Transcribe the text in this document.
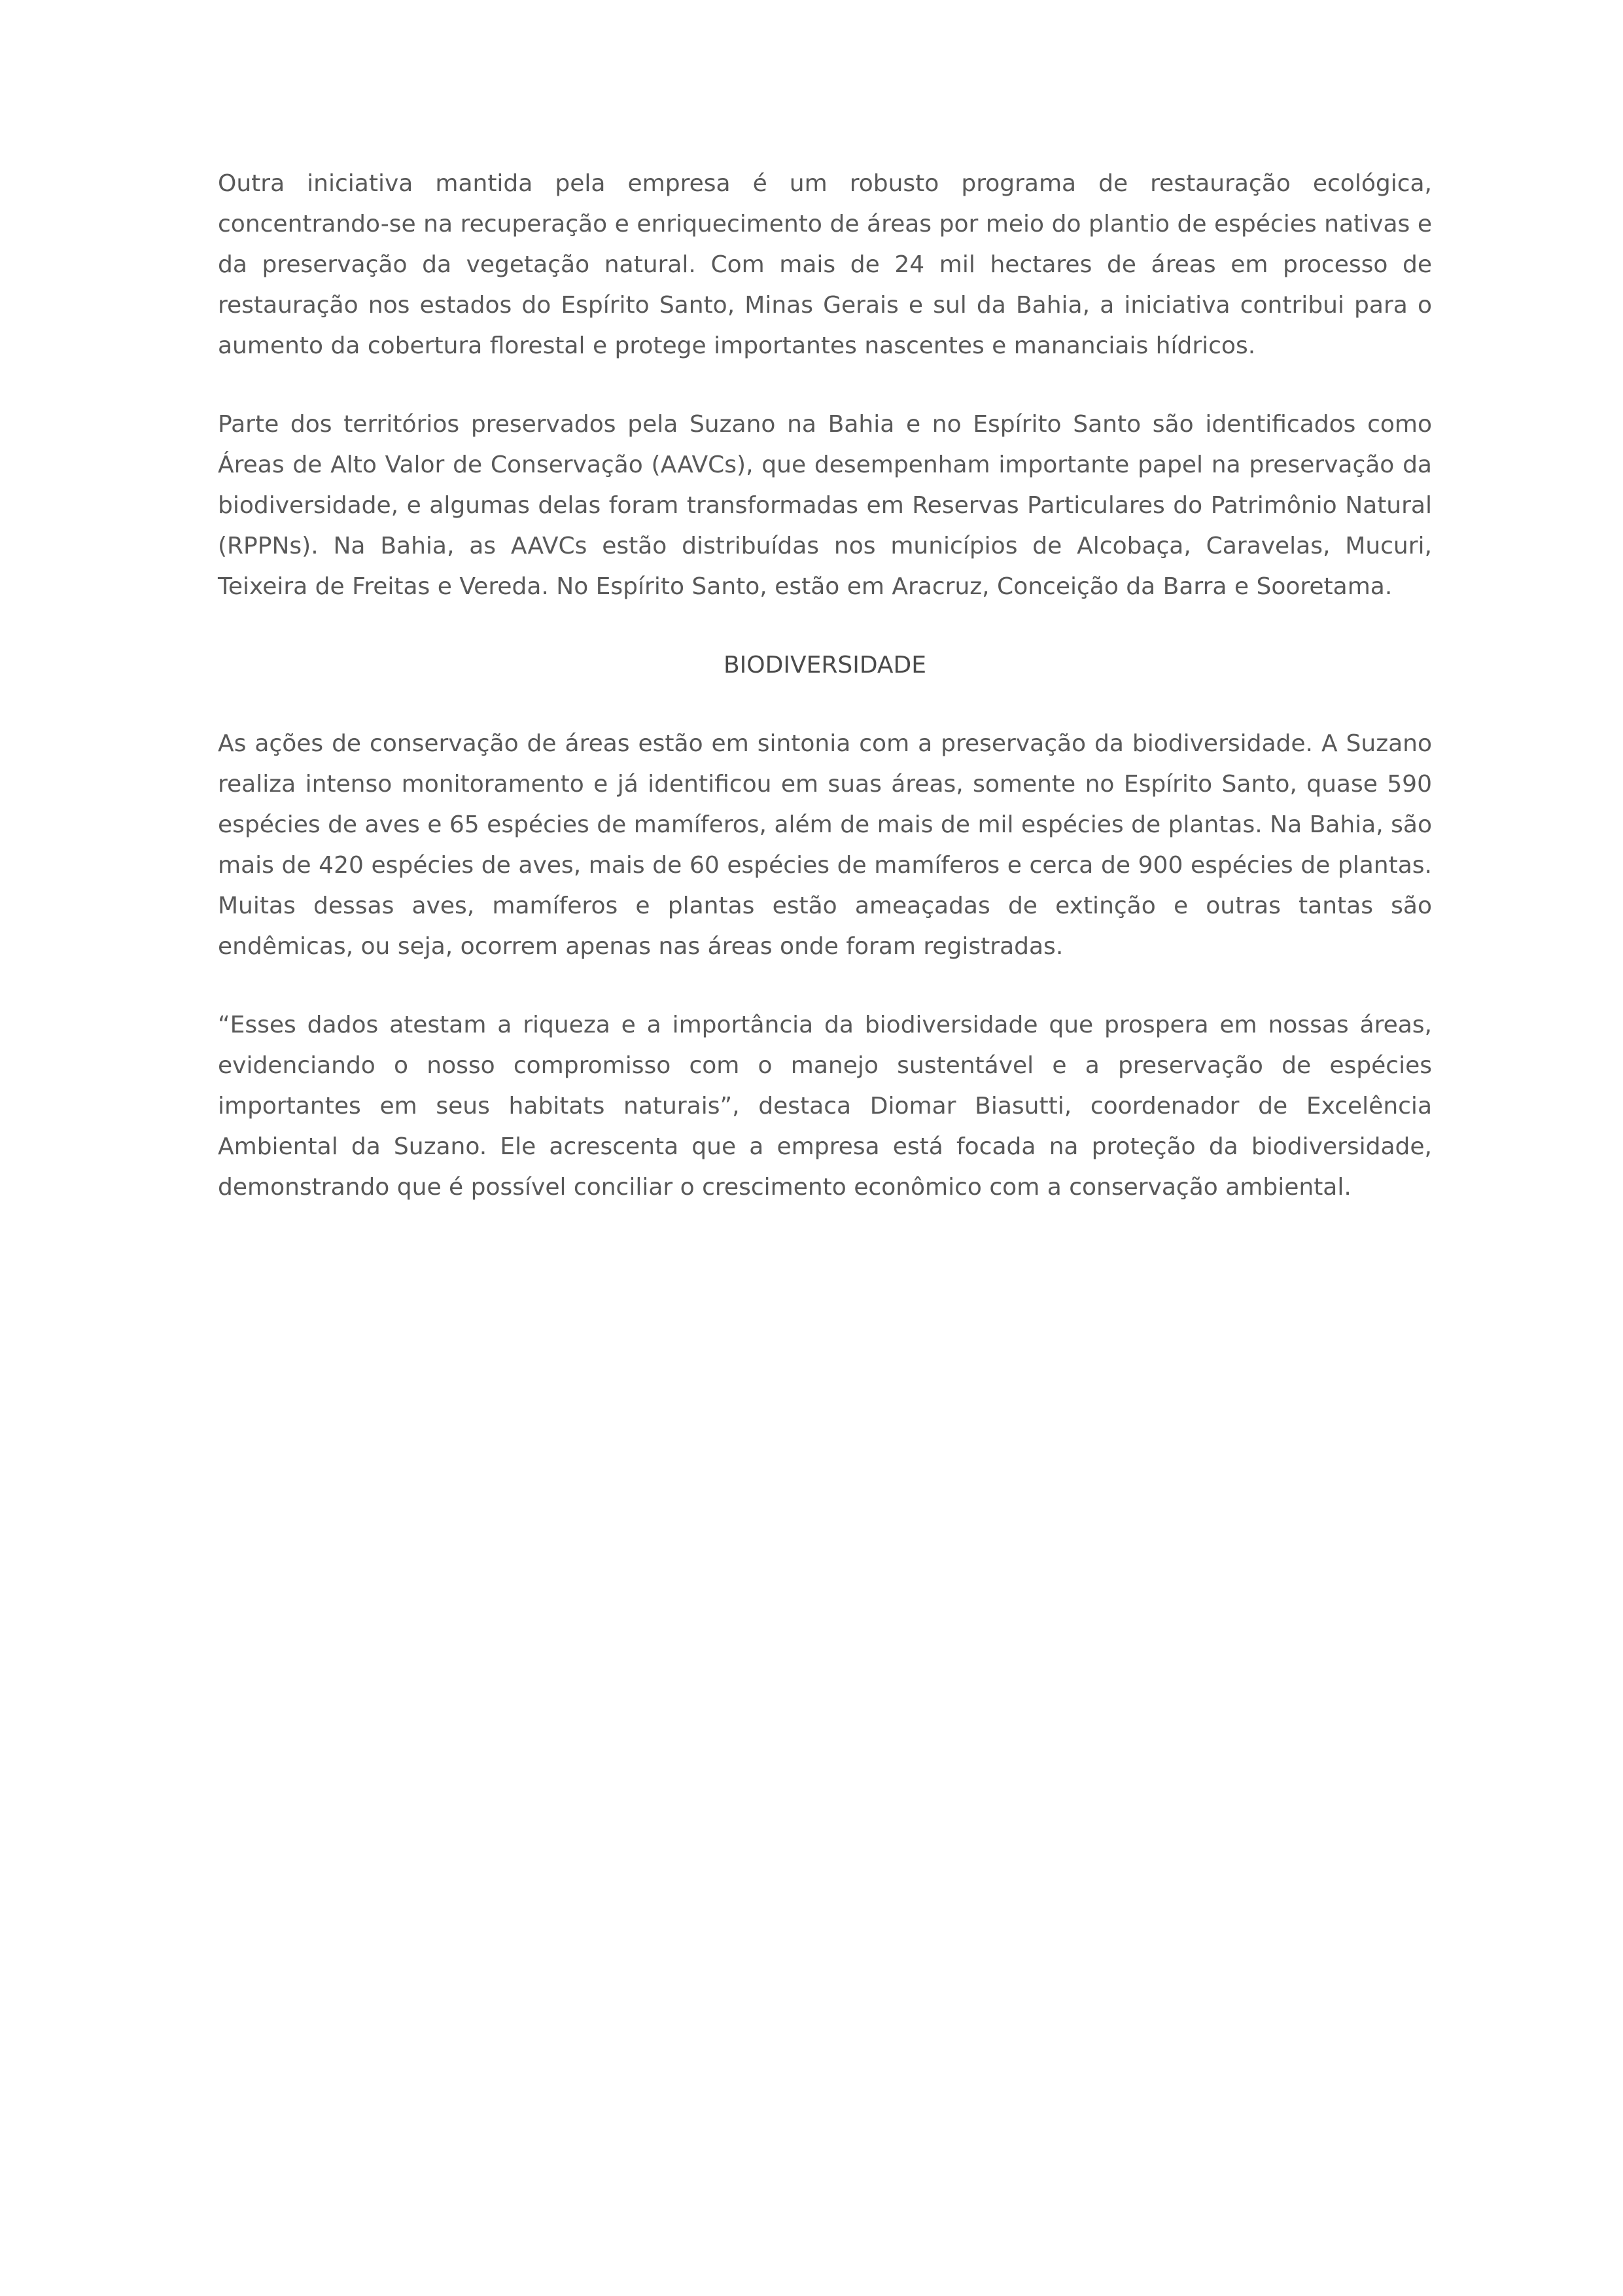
Outra iniciativa mantida pela empresa é um robusto programa de restauração ecológica, concentrando-se na recuperação e enriquecimento de áreas por meio do plantio de espécies nativas e da preservação da vegetação natural. Com mais de 24 mil hectares de áreas em processo de restauração nos estados do Espírito Santo, Minas Gerais e sul da Bahia, a iniciativa contribui para o aumento da cobertura florestal e protege importantes nascentes e mananciais hídricos.

Parte dos territórios preservados pela Suzano na Bahia e no Espírito Santo são identificados como Áreas de Alto Valor de Conservação (AAVCs), que desempenham importante papel na preservação da biodiversidade, e algumas delas foram transformadas em Reservas Particulares do Patrimônio Natural (RPPNs). Na Bahia, as AAVCs estão distribuídas nos municípios de Alcobaça, Caravelas, Mucuri, Teixeira de Freitas e Vereda. No Espírito Santo, estão em Aracruz, Conceição da Barra e Sooretama.

BIODIVERSIDADE

As ações de conservação de áreas estão em sintonia com a preservação da biodiversidade. A Suzano realiza intenso monitoramento e já identificou em suas áreas, somente no Espírito Santo, quase 590 espécies de aves e 65 espécies de mamíferos, além de mais de mil espécies de plantas. Na Bahia, são mais de 420 espécies de aves, mais de 60 espécies de mamíferos e cerca de 900 espécies de plantas. Muitas dessas aves, mamíferos e plantas estão ameaçadas de extinção e outras tantas são endêmicas, ou seja, ocorrem apenas nas áreas onde foram registradas.

“Esses dados atestam a riqueza e a importância da biodiversidade que prospera em nossas áreas, evidenciando o nosso compromisso com o manejo sustentável e a preservação de espécies importantes em seus habitats naturais”, destaca Diomar Biasutti, coordenador de Excelência Ambiental da Suzano. Ele acrescenta que a empresa está focada na proteção da biodiversidade, demonstrando que é possível conciliar o crescimento econômico com a conservação ambiental.
